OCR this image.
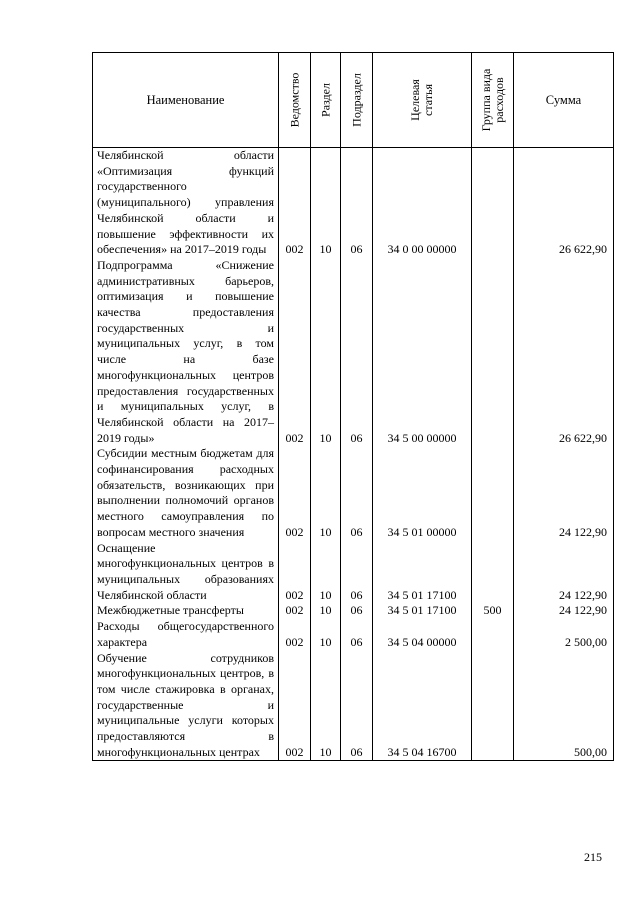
Наименование	Ведомство	Раздел	Подраздел	Целевая статья	Группа вида расходов	Сумма
Челябинской области «Оптимизация функций государственного (муниципального) управления Челябинской области и повышение эффективности их обеспечения» на 2017–2019 годы	002	10	06	34 0 00 00000		26 622,90
Подпрограмма «Снижение административных барьеров, оптимизация и повышение качества предоставления государственных и муниципальных услуг, в том числе на базе многофункциональных центров предоставления государственных и муниципальных услуг, в Челябинской области на 2017–2019 годы»	002	10	06	34 5 00 00000		26 622,90
Субсидии местным бюджетам для софинансирования расходных обязательств, возникающих при выполнении полномочий органов местного самоуправления по вопросам местного значения	002	10	06	34 5 01 00000		24 122,90
Оснащение многофункциональных центров в муниципальных образованиях Челябинской области	002	10	06	34 5 01 17100		24 122,90
Межбюджетные трансферты	002	10	06	34 5 01 17100	500	24 122,90
Расходы общегосударственного характера	002	10	06	34 5 04 00000		2 500,00
Обучение сотрудников многофункциональных центров, в том числе стажировка в органах, государственные и муниципальные услуги которых предоставляются в многофункциональных центрах	002	10	06	34 5 04 16700		500,00
215
